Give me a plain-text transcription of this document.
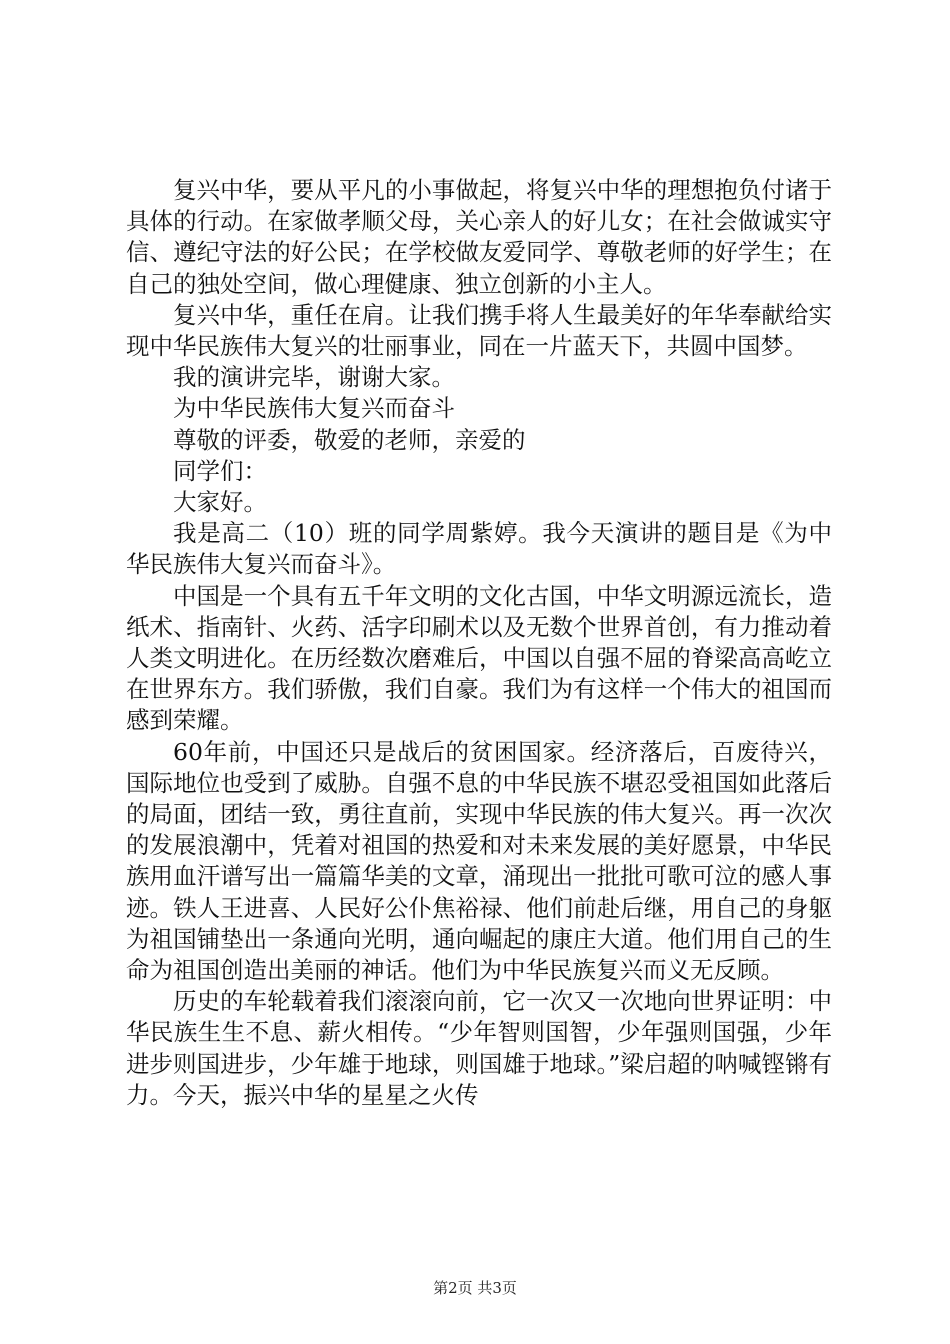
复兴中华，要从平凡的小事做起，将复兴中华的理想抱负付诸于具体的行动。在家做孝顺父母，关心亲人的好儿女；在社会做诚实守信、遵纪守法的好公民；在学校做友爱同学、尊敬老师的好学生；在自己的独处空间，做心理健康、独立创新的小主人。

复兴中华，重任在肩。让我们携手将人生最美好的年华奉献给实现中华民族伟大复兴的壮丽事业，同在一片蓝天下，共圆中国梦。

我的演讲完毕，谢谢大家。

为中华民族伟大复兴而奋斗

尊敬的评委，敬爱的老师，亲爱的

同学们：

大家好。

我是高二（10）班的同学周紫婷。我今天演讲的题目是《为中华民族伟大复兴而奋斗》。

中国是一个具有五千年文明的文化古国，中华文明源远流长，造纸术、指南针、火药、活字印刷术以及无数个世界首创，有力推动着人类文明进化。在历经数次磨难后，中国以自强不屈的脊梁高高屹立在世界东方。我们骄傲，我们自豪。我们为有这样一个伟大的祖国而感到荣耀。

60年前，中国还只是战后的贫困国家。经济落后，百废待兴，国际地位也受到了威胁。自强不息的中华民族不堪忍受祖国如此落后的局面，团结一致，勇往直前，实现中华民族的伟大复兴。再一次次的发展浪潮中，凭着对祖国的热爱和对未来发展的美好愿景，中华民族用血汗谱写出一篇篇华美的文章，涌现出一批批可歌可泣的感人事迹。铁人王进喜、人民好公仆焦裕禄、他们前赴后继，用自己的身躯为祖国铺垫出一条通向光明，通向崛起的康庄大道。他们用自己的生命为祖国创造出美丽的神话。他们为中华民族复兴而义无反顾。

历史的车轮载着我们滚滚向前，它一次又一次地向世界证明：中华民族生生不息、薪火相传。“少年智则国智，少年强则国强，少年进步则国进步，少年雄于地球，则国雄于地球。”梁启超的呐喊铿锵有力。今天，振兴中华的星星之火传

第2页 共3页
